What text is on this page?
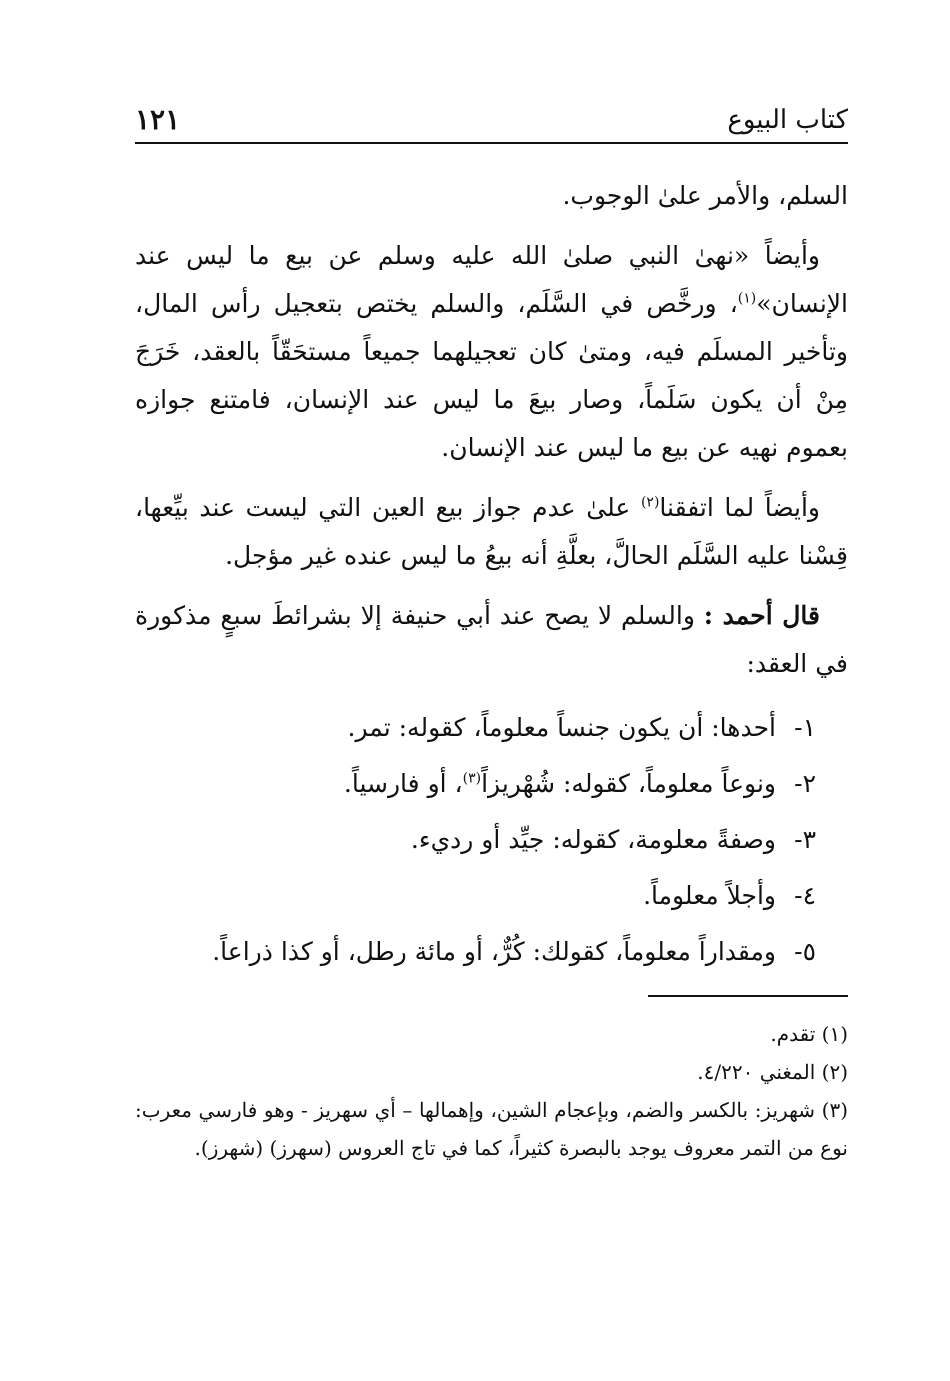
كتاب البيوع
١٢١

السلم، والأمر علىٰ الوجوب.

وأيضاً «نهىٰ النبي صلىٰ الله عليه وسلم عن بيع ما ليس عند الإنسان»$^{(١)}$، ورخَّص في السَّلَم، والسلم يختص بتعجيل رأس المال، وتأخير المسلَم فيه، ومتىٰ كان تعجيلهما جميعاً مستحَقّاً بالعقد، خَرَجَ مِنْ أن يكون سَلَماً، وصار بيعَ ما ليس عند الإنسان، فامتنع جوازه بعموم نهيه عن بيع ما ليس عند الإنسان.

وأيضاً لما اتفقنا$^{(٢)}$ علىٰ عدم جواز بيع العين التي ليست عند بيِّعها، قِسْنا عليه السَّلَم الحالَّ، بعلَّةِ أنه بيعُ ما ليس عنده غير مؤجل.

قال أحمد : والسلم لا يصح عند أبي حنيفة إلا بشرائطَ سبعٍ مذكورة في العقد:

١-أحدها: أن يكون جنساً معلوماً، كقوله: تمر.
٢-ونوعاً معلوماً، كقوله: شُهْريزاً$^{(٣)}$، أو فارسياً.
٣-وصفةً معلومة، كقوله: جيِّد أو رديء.
٤-وأجلاً معلوماً.
٥-ومقداراً معلوماً، كقولك: كُرٌّ، أو مائة رطل، أو كذا ذراعاً.

(١) تقدم.

(٢) المغني ٤/٢٢٠.

(٣) شهريز: بالكسر والضم، وبإعجام الشين، وإهمالها – أي سهريز - وهو فارسي معرب: نوع من التمر معروف يوجد بالبصرة كثيراً، كما في تاج العروس (سهرز) (شهرز).
